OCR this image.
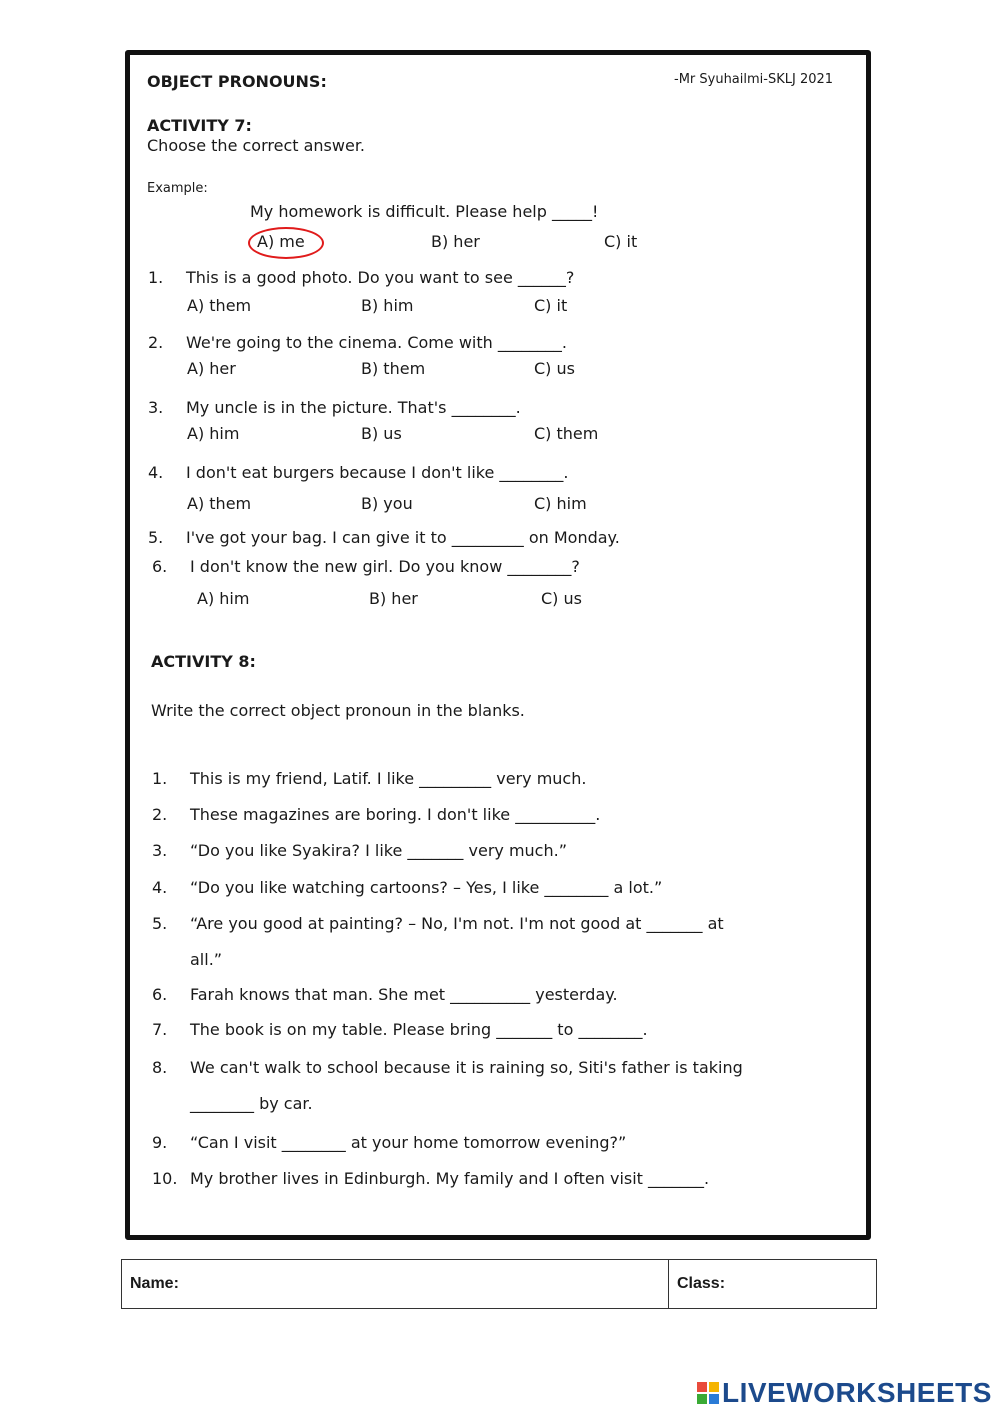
OBJECT PRONOUNS:	-Mr Syuhailmi-SKLJ 2021
ACTIVITY 7:
Choose the correct answer.
Example:
My homework is difficult. Please help _____!
A) me	B) her	C) it
1. This is a good photo. Do you want to see ______?
A) them	B) him	C) it
2. We're going to the cinema. Come with ________.
A) her	B) them	C) us
3. My uncle is in the picture. That's ________.
A) him	B) us	C) them
4. I don't eat burgers because I don't like ________.
A) them	B) you	C) him
5. I've got your bag. I can give it to _________ on Monday.
6. I don't know the new girl. Do you know ________?
A) him	B) her	C) us
ACTIVITY 8:
Write the correct object pronoun in the blanks.
1. This is my friend, Latif. I like _________ very much.
2. These magazines are boring. I don't like __________.
3. “Do you like Syakira? I like _______ very much.”
4. “Do you like watching cartoons? – Yes, I like ________ a lot.”
5. “Are you good at painting? – No, I'm not. I'm not good at _______ at
all.”
6. Farah knows that man. She met __________ yesterday.
7. The book is on my table. Please bring _______ to ________.
8. We can't walk to school because it is raining so, Siti's father is taking
________ by car.
9. “Can I visit ________ at your home tomorrow evening?”
10. My brother lives in Edinburgh. My family and I often visit _______.
Name:	Class:
LIVEWORKSHEETS
